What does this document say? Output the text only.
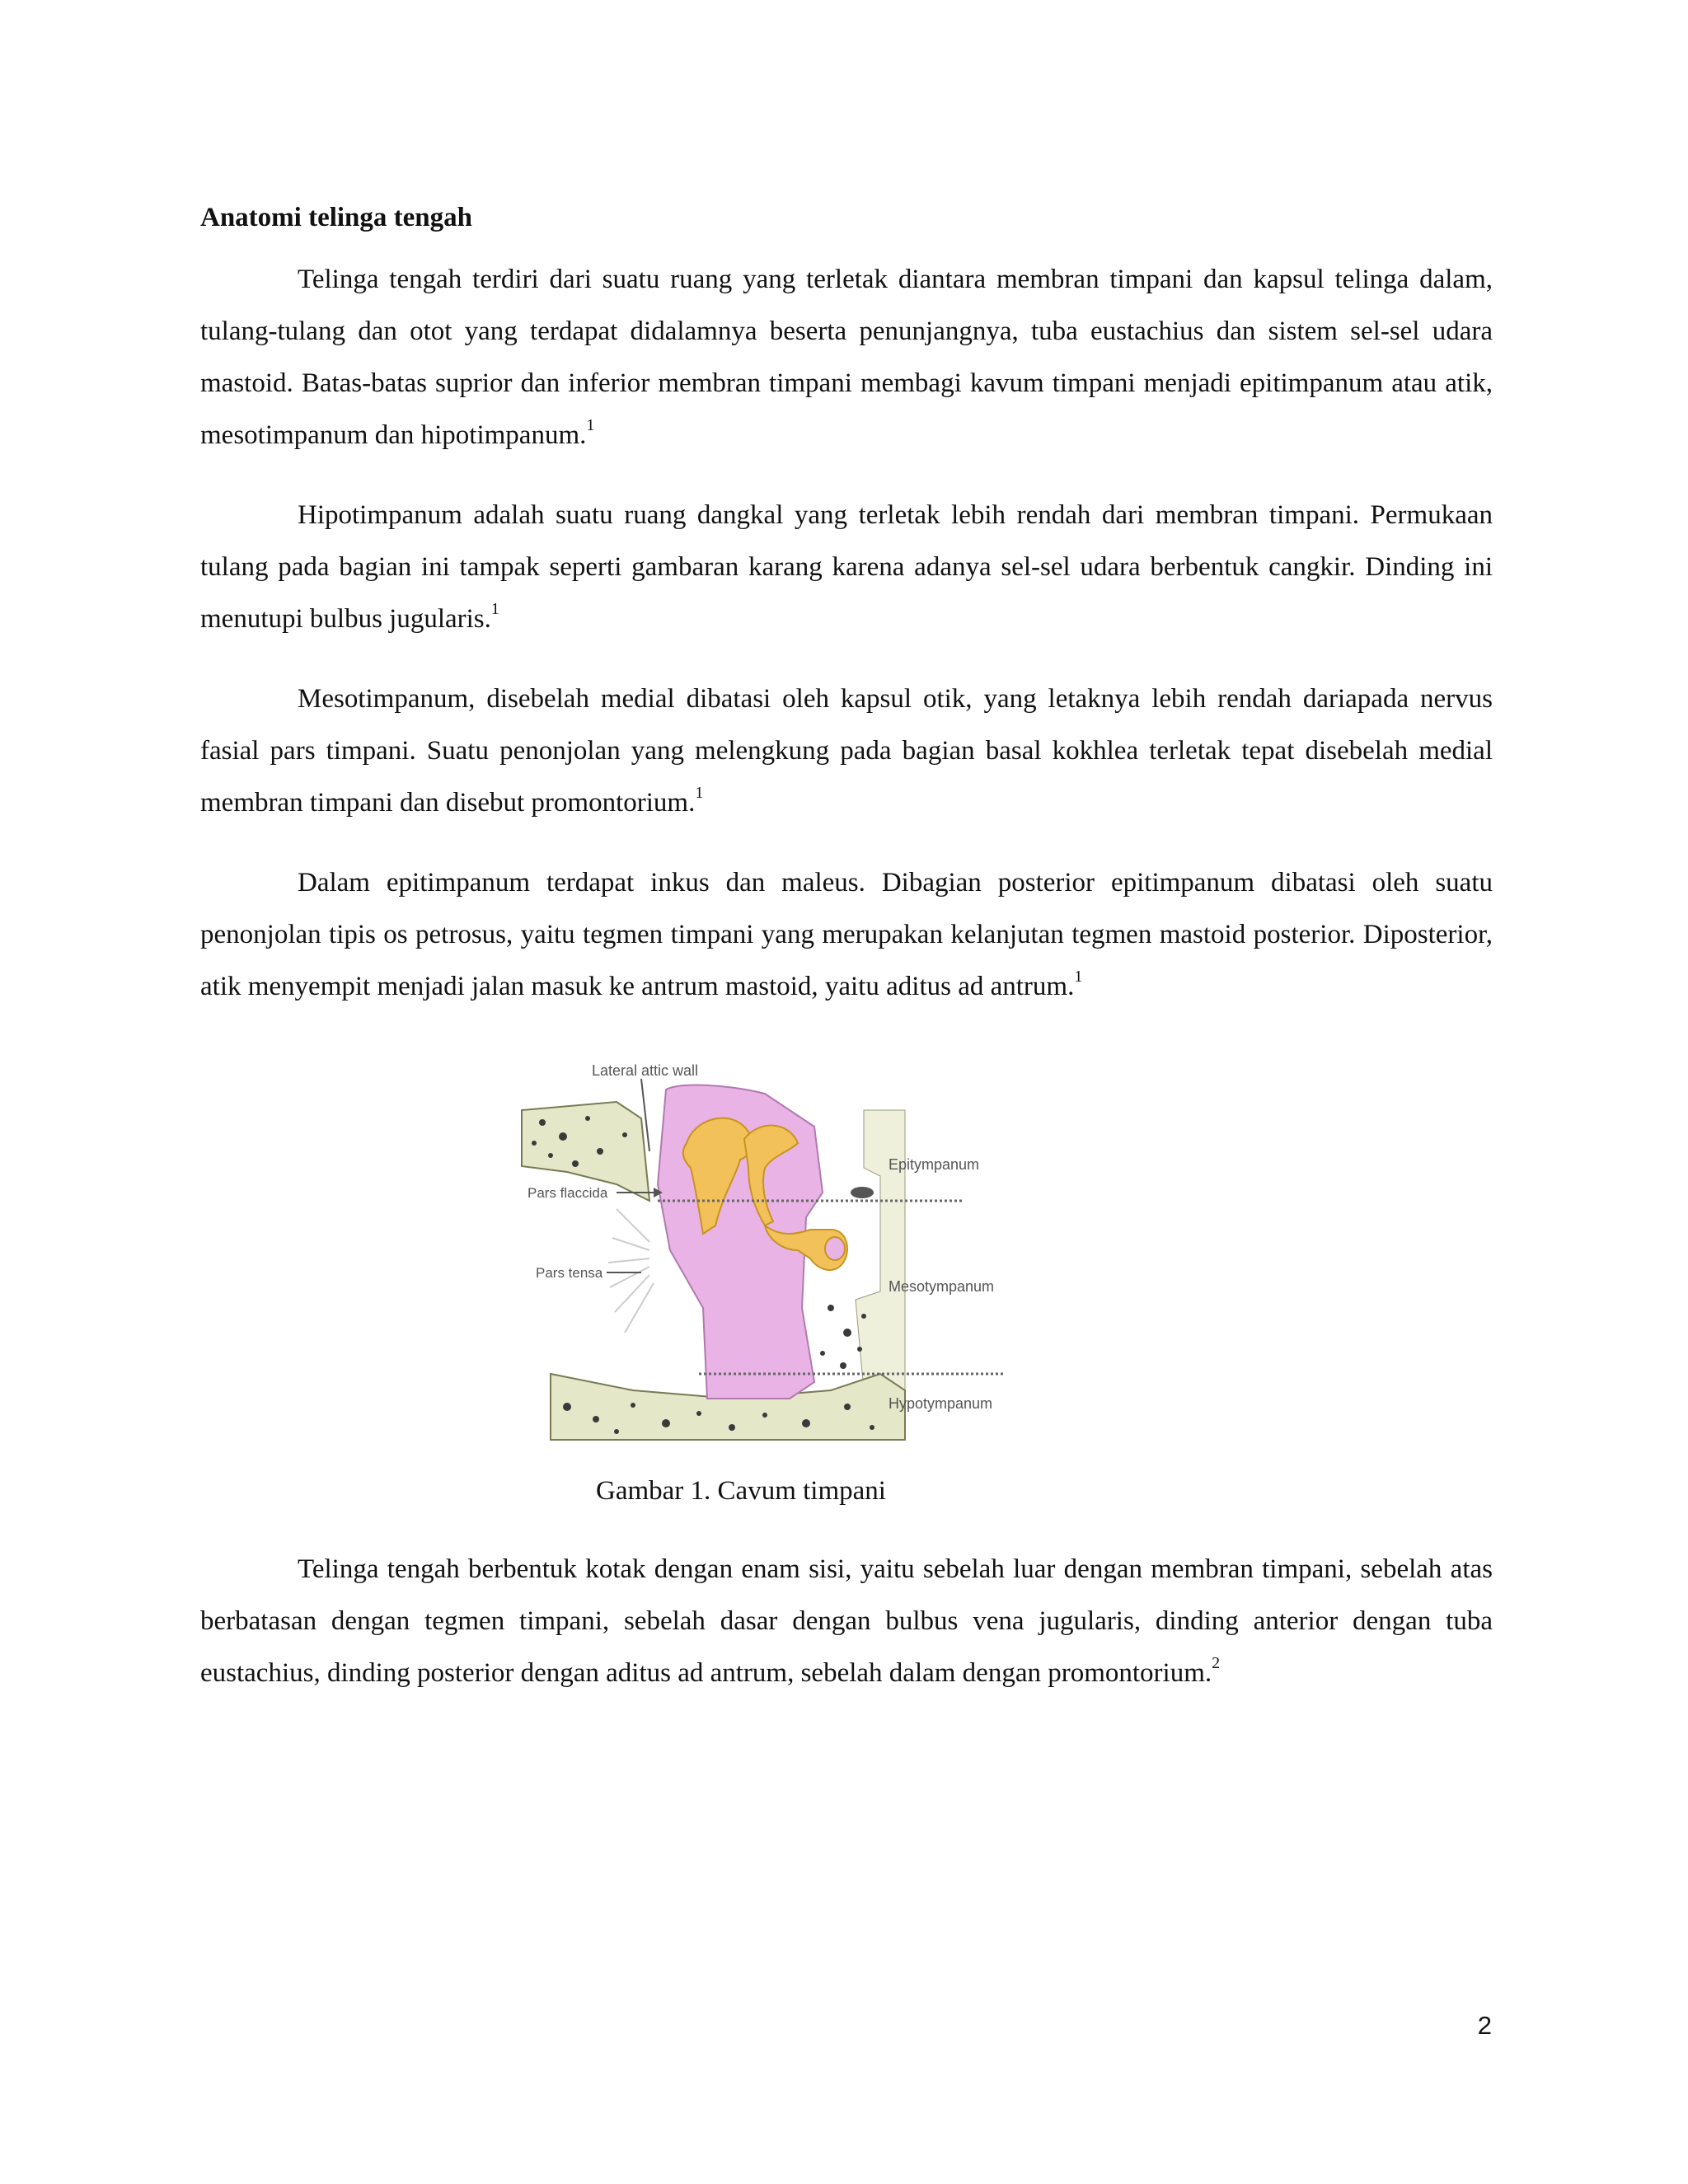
Anatomi telinga tengah

Telinga tengah terdiri dari suatu ruang yang terletak diantara membran timpani dan kapsul telinga dalam, tulang-tulang dan otot yang terdapat didalamnya beserta penunjangnya, tuba eustachius dan sistem sel-sel udara mastoid. Batas-batas suprior dan inferior membran timpani membagi kavum timpani menjadi epitimpanum atau atik, mesotimpanum dan hipotimpanum.$^1$

Hipotimpanum adalah suatu ruang dangkal yang terletak lebih rendah dari membran timpani. Permukaan tulang pada bagian ini tampak seperti gambaran karang karena adanya sel-sel udara berbentuk cangkir. Dinding ini menutupi bulbus jugularis.$^1$

Mesotimpanum, disebelah medial dibatasi oleh kapsul otik, yang letaknya lebih rendah dariapada nervus fasial pars timpani. Suatu penonjolan yang melengkung pada bagian basal kokhlea terletak tepat disebelah medial membran timpani dan disebut promontorium.$^1$

Dalam epitimpanum terdapat inkus dan maleus. Dibagian posterior epitimpanum dibatasi oleh suatu penonjolan tipis os petrosus, yaitu tegmen timpani yang merupakan kelanjutan tegmen mastoid posterior. Diposterior, atik menyempit menjadi jalan masuk ke antrum mastoid, yaitu aditus ad antrum.$^1$

Lateral attic wall
Pars flaccida
Pars tensa
Epitympanum
Mesotympanum
Hypotympanum
Gambar 1. Cavum timpani

Telinga tengah berbentuk kotak dengan enam sisi, yaitu sebelah luar dengan membran timpani, sebelah atas berbatasan dengan tegmen timpani, sebelah dasar dengan bulbus vena jugularis, dinding anterior dengan tuba eustachius, dinding posterior dengan aditus ad antrum, sebelah dalam dengan promontorium.$^2$

2
